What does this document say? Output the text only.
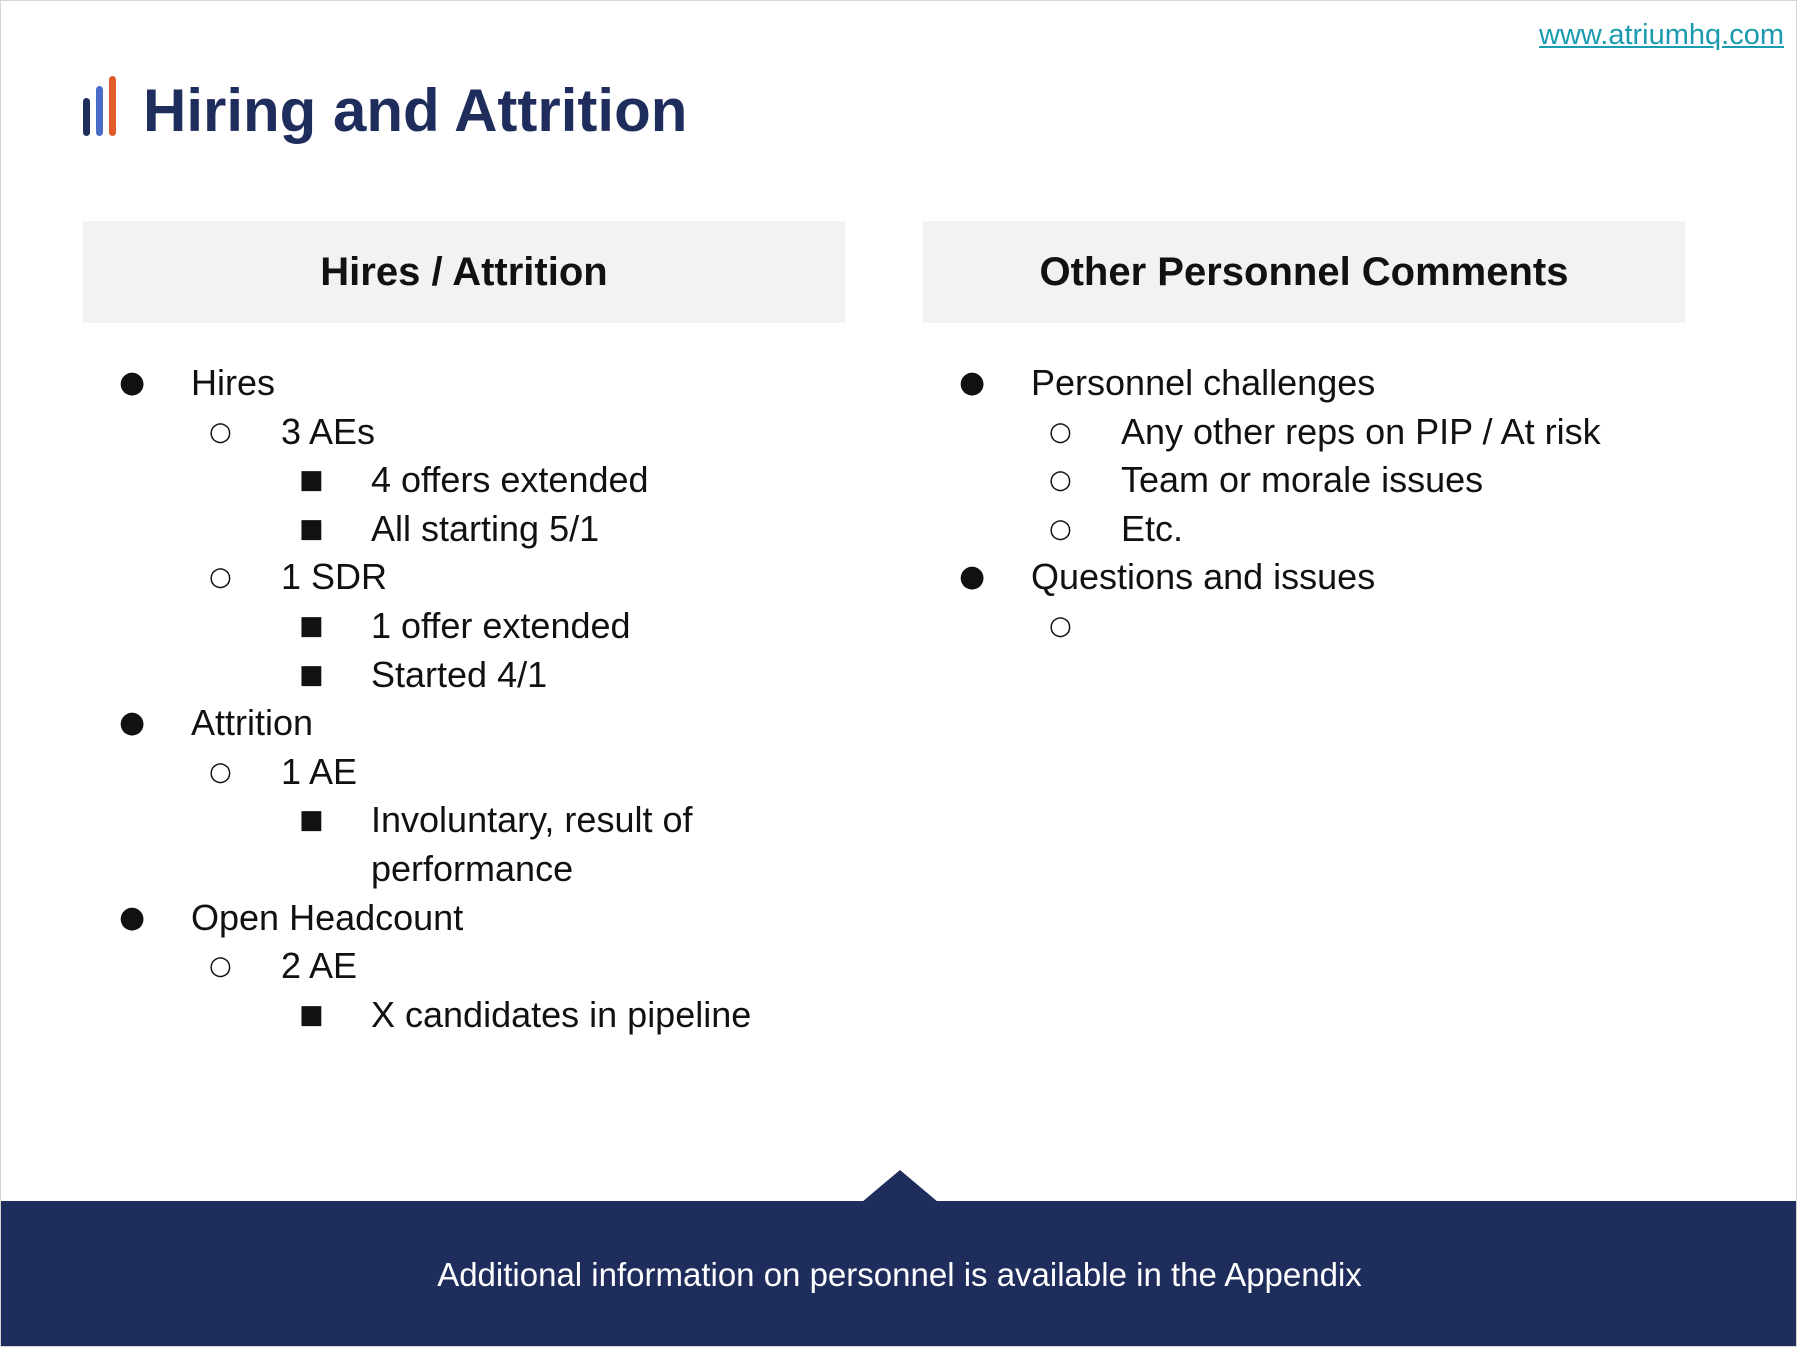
www.atriumhq.com
Hiring and Attrition
Hires / Attrition	Other Personnel Comments
●	Hires
○	3 AEs
■	4 offers extended
■	All starting 5/1
○	1 SDR
■	1 offer extended
■	Started 4/1
●	Attrition
○	1 AE
■	Involuntary, result of performance
●	Open Headcount
○	2 AE
■	X candidates in pipeline
●	Personnel challenges
○	Any other reps on PIP / At risk
○	Team or morale issues
○	Etc.
●	Questions and issues
○
Additional information on personnel is available in the Appendix
